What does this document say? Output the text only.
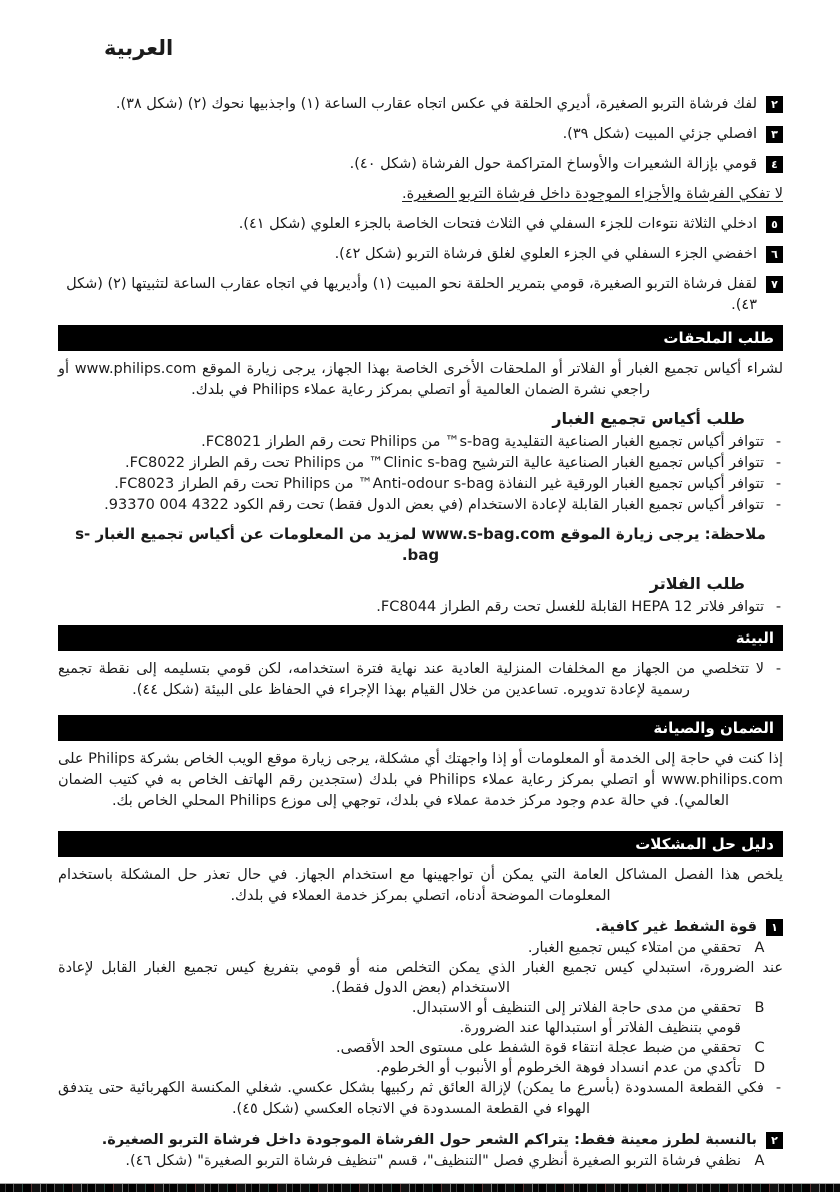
العربية
٢
لفك فرشاة التربو الصغيرة، أديري الحلقة في عكس اتجاه عقارب الساعة (١) واجذبيها نحوك (٢) (شكل ٣٨).
٣
افصلي جزئي المبيت (شكل ٣٩).
٤
قومي بإزالة الشعيرات والأوساخ المتراكمة حول الفرشاة (شكل ٤٠).
لا تفكي الفرشاة والأجزاء الموجودة داخل فرشاة التربو الصغيرة.
٥
ادخلي الثلاثة نتوءات للجزء السفلي في الثلاث فتحات الخاصة بالجزء العلوي (شكل ٤١).
٦
اخفضي الجزء السفلي في الجزء العلوي لغلق فرشاة التربو (شكل ٤٢).
٧
لقفل فرشاة التربو الصغيرة، قومي بتمرير الحلقة نحو المبيت (١) وأديريها في اتجاه عقارب الساعة لتثبيتها (٢) (شكل ٤٣).
طلب الملحقات
لشراء أكياس تجميع الغبار أو الفلاتر أو الملحقات الأخرى الخاصة بهذا الجهاز، يرجى زيارة الموقع www.philips.com أو راجعي نشرة الضمان العالمية أو اتصلي بمركز رعاية عملاء Philips في بلدك.
طلب أكياس تجميع الغبار
-
تتوافر أكياس تجميع الغبار الصناعية التقليدية s-bag™ من Philips تحت رقم الطراز FC8021.
-
تتوافر أكياس تجميع الغبار الصناعية عالية الترشيح Clinic s-bag™ من Philips تحت رقم الطراز FC8022.
-
تتوافر أكياس تجميع الغبار الورقية غير النفاذة Anti-odour s-bag™ من Philips تحت رقم الطراز FC8023.
-
تتوافر أكياس تجميع الغبار القابلة لإعادة الاستخدام (في بعض الدول فقط) تحت رقم الكود 4322 004 93370.
ملاحظة: يرجى زيارة الموقع www.s-bag.com لمزيد من المعلومات عن أكياس تجميع الغبار s-bag.
طلب الفلاتر
-
تتوافر فلاتر HEPA 12 القابلة للغسل تحت رقم الطراز FC8044.
البيئة
-
لا تتخلصي من الجهاز مع المخلفات المنزلية العادية عند نهاية فترة استخدامه، لكن قومي بتسليمه إلى نقطة تجميع رسمية لإعادة تدويره. تساعدين من خلال القيام بهذا الإجراء في الحفاظ على البيئة (شكل ٤٤).
الضمان والصيانة
إذا كنت في حاجة إلى الخدمة أو المعلومات أو إذا واجهتك أي مشكلة، يرجى زيارة موقع الويب الخاص بشركة Philips على www.philips.com أو اتصلي بمركز رعاية عملاء Philips في بلدك (ستجدين رقم الهاتف الخاص به في كتيب الضمان العالمي). في حالة عدم وجود مركز خدمة عملاء في بلدك، توجهي إلى موزع Philips المحلي الخاص بك.
دليل حل المشكلات
يلخص هذا الفصل المشاكل العامة التي يمكن أن تواجهينها مع استخدام الجهاز. في حال تعذر حل المشكلة باستخدام المعلومات الموضحة أدناه، اتصلي بمركز خدمة العملاء في بلدك.
١
قوة الشفط غير كافية.
A
تحققي من امتلاء كيس تجميع الغبار.
عند الضرورة، استبدلي كيس تجميع الغبار الذي يمكن التخلص منه أو قومي بتفريغ كيس تجميع الغبار القابل لإعادة الاستخدام (بعض الدول فقط).
B
تحققي من مدى حاجة الفلاتر إلى التنظيف أو الاستبدال.
قومي بتنظيف الفلاتر أو استبدالها عند الضرورة.
C
تحققي من ضبط عجلة انتقاء قوة الشفط على مستوى الحد الأقصى.
D
تأكدي من عدم انسداد فوهة الخرطوم أو الأنبوب أو الخرطوم.
-
فكي القطعة المسدودة (بأسرع ما يمكن) لإزالة العائق ثم ركبيها بشكل عكسي. شغلي المكنسة الكهربائية حتى يتدفق الهواء في القطعة المسدودة في الاتجاه العكسي (شكل ٤٥).
٢
بالنسبة لطرز معينة فقط: يتراكم الشعر حول الفرشاة الموجودة داخل فرشاة التربو الصغيرة.
A
نظفي فرشاة التربو الصغيرة أنظري فصل "التنظيف"، قسم "تنظيف فرشاة التربو الصغيرة" (شكل ٤٦).
